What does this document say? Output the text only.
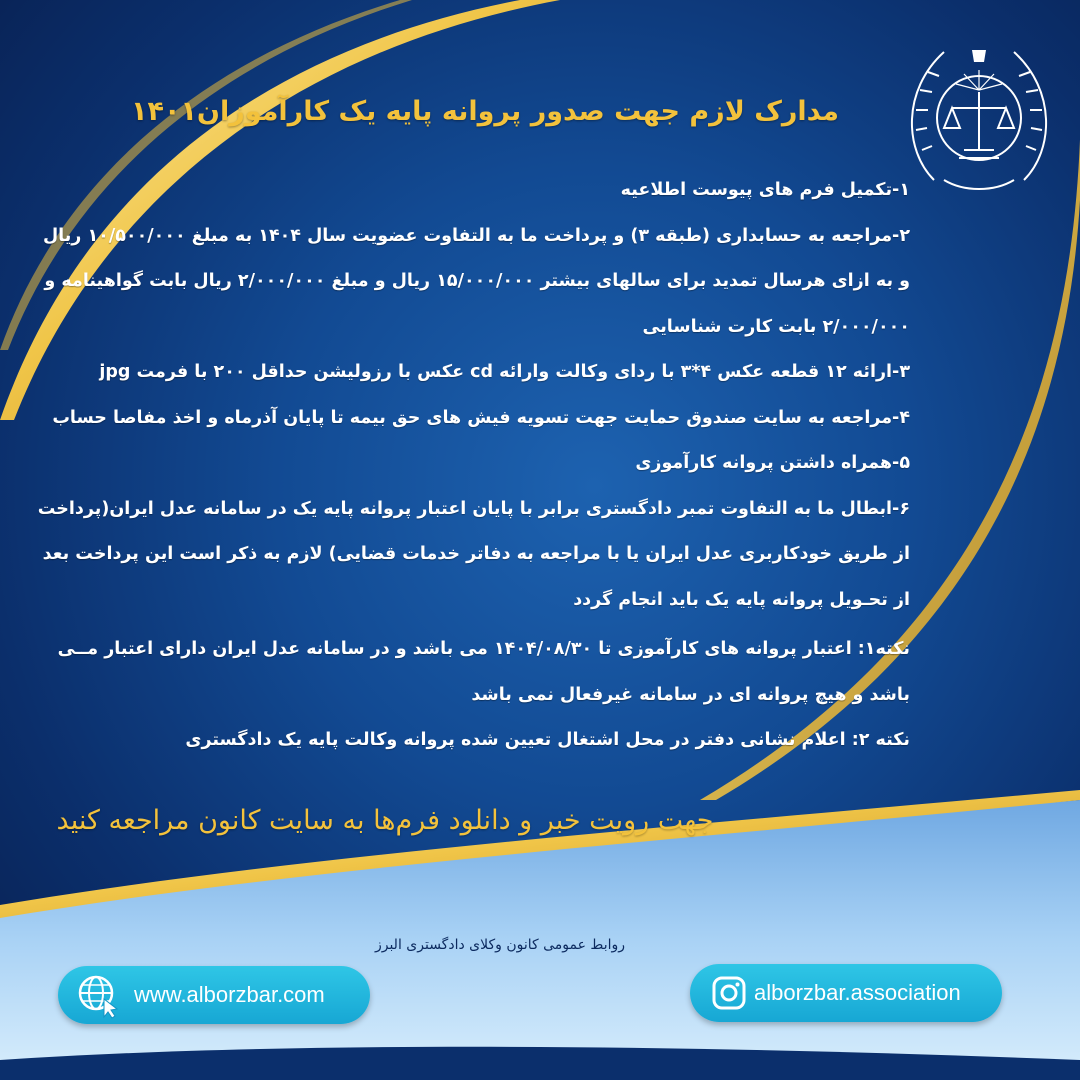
مدارک لازم جهت صدور پروانه پایه یک کارآموزان۱۴۰۱

۱-تکمیل فرم های پیوست اطلاعیه

۲-مراجعه به حسابداری (طبقه ۳) و پرداخت ما به التفاوت عضویت سال ۱۴۰۴ به مبلغ ۱۰/۵۰۰/۰۰۰ ریال و به ازای هرسال تمدید برای سالهای بیشتر ۱۵/۰۰۰/۰۰۰ ریال و مبلغ ۲/۰۰۰/۰۰۰ ریال بابت گواهینامه و ۲/۰۰۰/۰۰۰ بابت کارت شناسایی

۳-ارائه ۱۲ قطعه عکس ۴*۳ با ردای وکالت وارائه cd عکس با رزولیشن حداقل ۲۰۰ با فرمت jpg

۴-مراجعه به سایت صندوق حمایت جهت تسویه فیش های حق بیمه تا پایان آذرماه و اخذ مفاصا حساب

۵-همراه داشتن پروانه کارآموزی

۶-ابطال ما به التفاوت تمبر دادگستری برابر با پایان اعتبار پروانه پایه یک در سامانه عدل ایران(پرداخت از طریق خودکاربری عدل ایران یا با مراجعه به دفاتر خدمات قضایی) لازم به ذکر است این پرداخت بعد از تحـویل پروانه پایه یک باید انجام گردد

نکته۱: اعتبار پروانه های کارآموزی تا ۱۴۰۴/۰۸/۳۰ می باشد و در سامانه عدل ایران دارای اعتبار مــی باشد و هیچ پروانه ای در سامانه غیرفعال نمی باشد

نکته ۲: اعلام نشانی دفتر در محل اشتغال تعیین شده پروانه وکالت پایه یک دادگستری

جهت رویت خبر و دانلود فرم‌ها به سایت کانون مراجعه کنید
روابط عمومی کانون وکلای دادگستری البرز
www.alborzbar.com	alborzbar.association
